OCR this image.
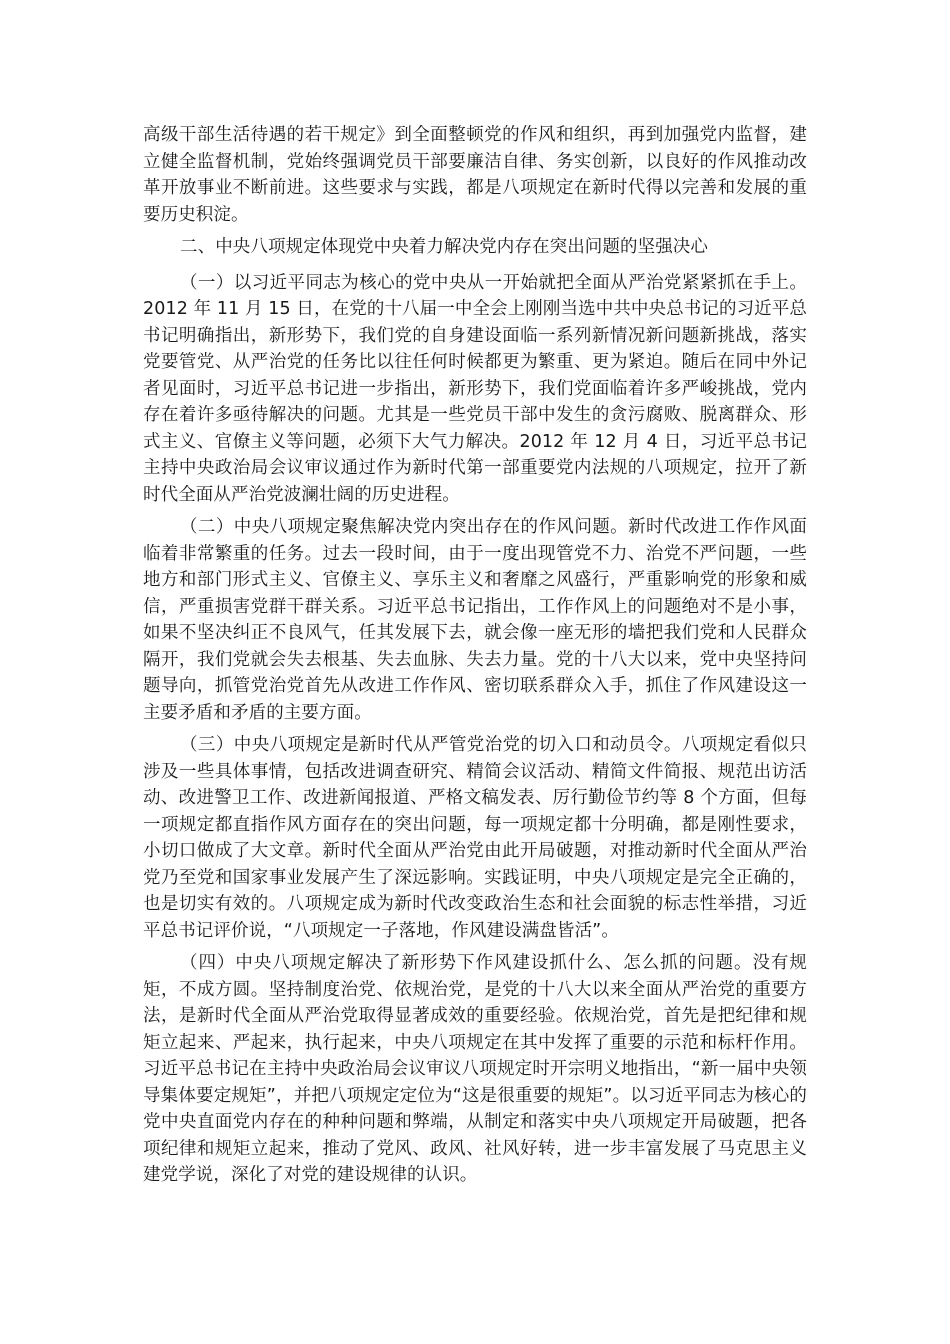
高级干部生活待遇的若干规定》到全面整顿党的作风和组织，再到加强党内监督，建立健全监督机制，党始终强调党员干部要廉洁自律、务实创新，以良好的作风推动改革开放事业不断前进。这些要求与实践，都是八项规定在新时代得以完善和发展的重要历史积淀。

二、中央八项规定体现党中央着力解决党内存在突出问题的坚强决心

（一）以习近平同志为核心的党中央从一开始就把全面从严治党紧紧抓在手上。2012 年 11 月 15 日，在党的十八届一中全会上刚刚当选中共中央总书记的习近平总书记明确指出，新形势下，我们党的自身建设面临一系列新情况新问题新挑战，落实党要管党、从严治党的任务比以往任何时候都更为繁重、更为紧迫。随后在同中外记者见面时，习近平总书记进一步指出，新形势下，我们党面临着许多严峻挑战，党内存在着许多亟待解决的问题。尤其是一些党员干部中发生的贪污腐败、脱离群众、形式主义、官僚主义等问题，必须下大气力解决。2012 年 12 月 4 日，习近平总书记主持中央政治局会议审议通过作为新时代第一部重要党内法规的八项规定，拉开了新时代全面从严治党波澜壮阔的历史进程。

（二）中央八项规定聚焦解决党内突出存在的作风问题。新时代改进工作作风面临着非常繁重的任务。过去一段时间，由于一度出现管党不力、治党不严问题，一些地方和部门形式主义、官僚主义、享乐主义和奢靡之风盛行，严重影响党的形象和威信，严重损害党群干群关系。习近平总书记指出，工作作风上的问题绝对不是小事，如果不坚决纠正不良风气，任其发展下去，就会像一座无形的墙把我们党和人民群众隔开，我们党就会失去根基、失去血脉、失去力量。党的十八大以来，党中央坚持问题导向，抓管党治党首先从改进工作作风、密切联系群众入手，抓住了作风建设这一主要矛盾和矛盾的主要方面。

（三）中央八项规定是新时代从严管党治党的切入口和动员令。八项规定看似只涉及一些具体事情，包括改进调查研究、精简会议活动、精简文件简报、规范出访活动、改进警卫工作、改进新闻报道、严格文稿发表、厉行勤俭节约等 8 个方面，但每一项规定都直指作风方面存在的突出问题，每一项规定都十分明确，都是刚性要求，小切口做成了大文章。新时代全面从严治党由此开局破题，对推动新时代全面从严治党乃至党和国家事业发展产生了深远影响。实践证明，中央八项规定是完全正确的，也是切实有效的。八项规定成为新时代改变政治生态和社会面貌的标志性举措，习近平总书记评价说，“八项规定一子落地，作风建设满盘皆活”。

（四）中央八项规定解决了新形势下作风建设抓什么、怎么抓的问题。没有规矩，不成方圆。坚持制度治党、依规治党，是党的十八大以来全面从严治党的重要方法，是新时代全面从严治党取得显著成效的重要经验。依规治党，首先是把纪律和规矩立起来、严起来，执行起来，中央八项规定在其中发挥了重要的示范和标杆作用。习近平总书记在主持中央政治局会议审议八项规定时开宗明义地指出，“新一届中央领导集体要定规矩”，并把八项规定定位为“这是很重要的规矩”。以习近平同志为核心的党中央直面党内存在的种种问题和弊端，从制定和落实中央八项规定开局破题，把各项纪律和规矩立起来，推动了党风、政风、社风好转，进一步丰富发展了马克思主义建党学说，深化了对党的建设规律的认识。
